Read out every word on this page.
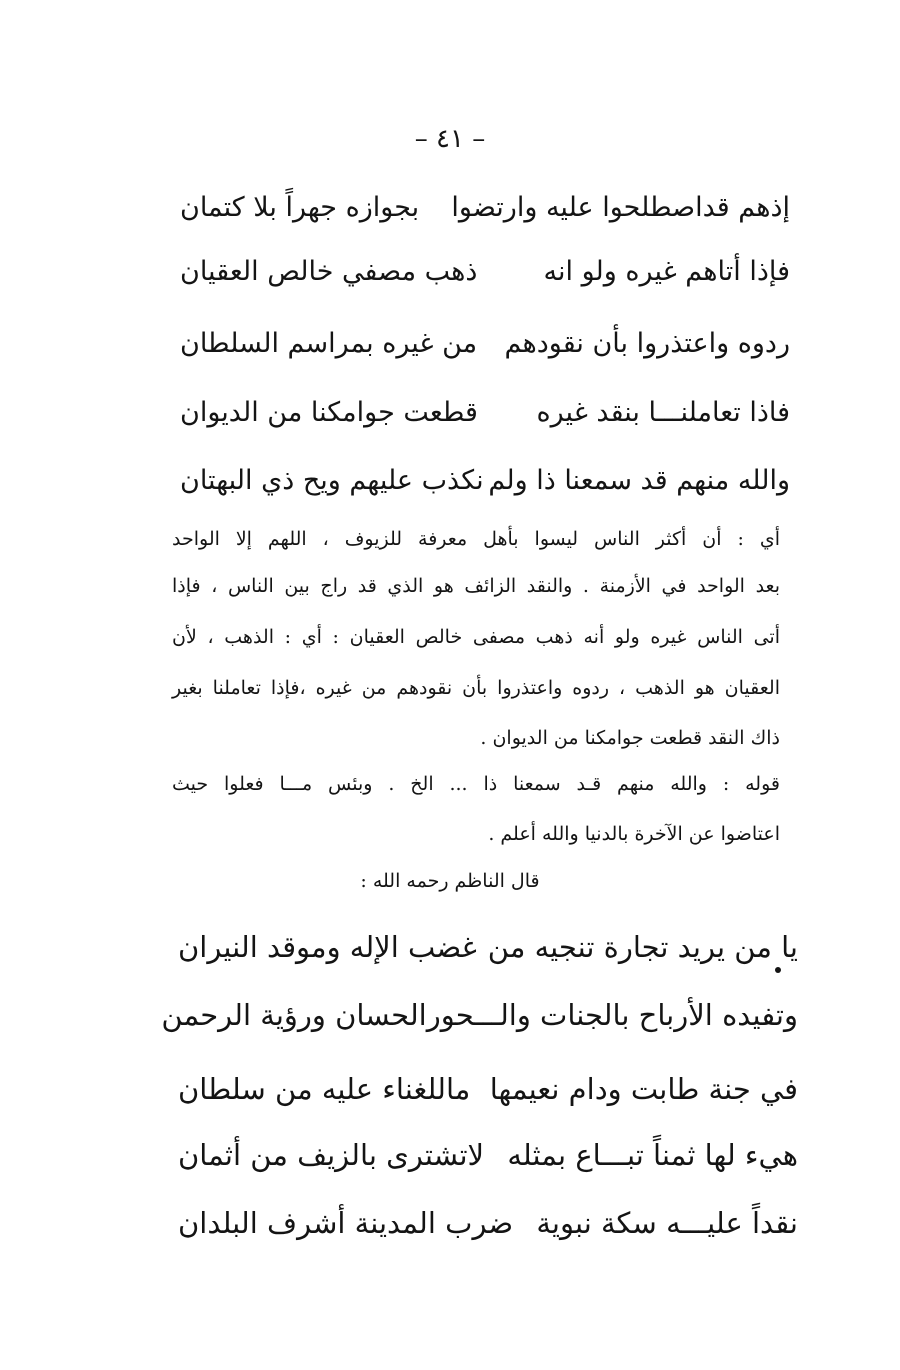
– ٤١ –
إذهم قداصطلحوا عليه وارتضوا
بجوازه جهراً بلا كتمان
فإذا أتاهم غيره ولو انه
ذهب مصفي خالص العقيان
ردوه واعتذروا بأن نقودهم
من غيره بمراسم السلطان
فاذا تعاملنـــا بنقد غيره
قطعت جوامكنا من الديوان
والله منهم قد سمعنا ذا ولم
نكذب عليهم ويح ذي البهتان
أي : أن أكثر الناس ليسوا بأهل معرفة للزيوف ، اللهم إلا الواحد
بعد الواحد في الأزمنة . والنقد الزائف هو الذي قد راج بين الناس ، فإذا
أتى الناس غيره ولو أنه ذهب مصفى خالص العقيان : أي : الذهب ، لأن
العقيان هو الذهب ، ردوه واعتذروا بأن نقودهم من غيره ،فإذا تعاملنا بغير
ذاك النقد قطعت جوامكنا من الديوان .
قوله : والله منهم قـد سمعنا ذا ... الخ . وبئس مـــا فعلوا حيث
اعتاضوا عن الآخرة بالدنيا والله أعلم .
قال الناظم رحمه الله :
يا من يريد تجارة تنجيه من
غضب الإله وموقد النيران
وتفيده الأرباح بالجنات والـــحور
الحسان ورؤية الرحمن
في جنة طابت ودام نعيمها
ماللغناء عليه من سلطان
هيء لها ثمناً تبـــاع بمثله
لاتشترى بالزيف من أثمان
نقداً عليـــه سكة نبوية
ضرب المدينة أشرف البلدان
